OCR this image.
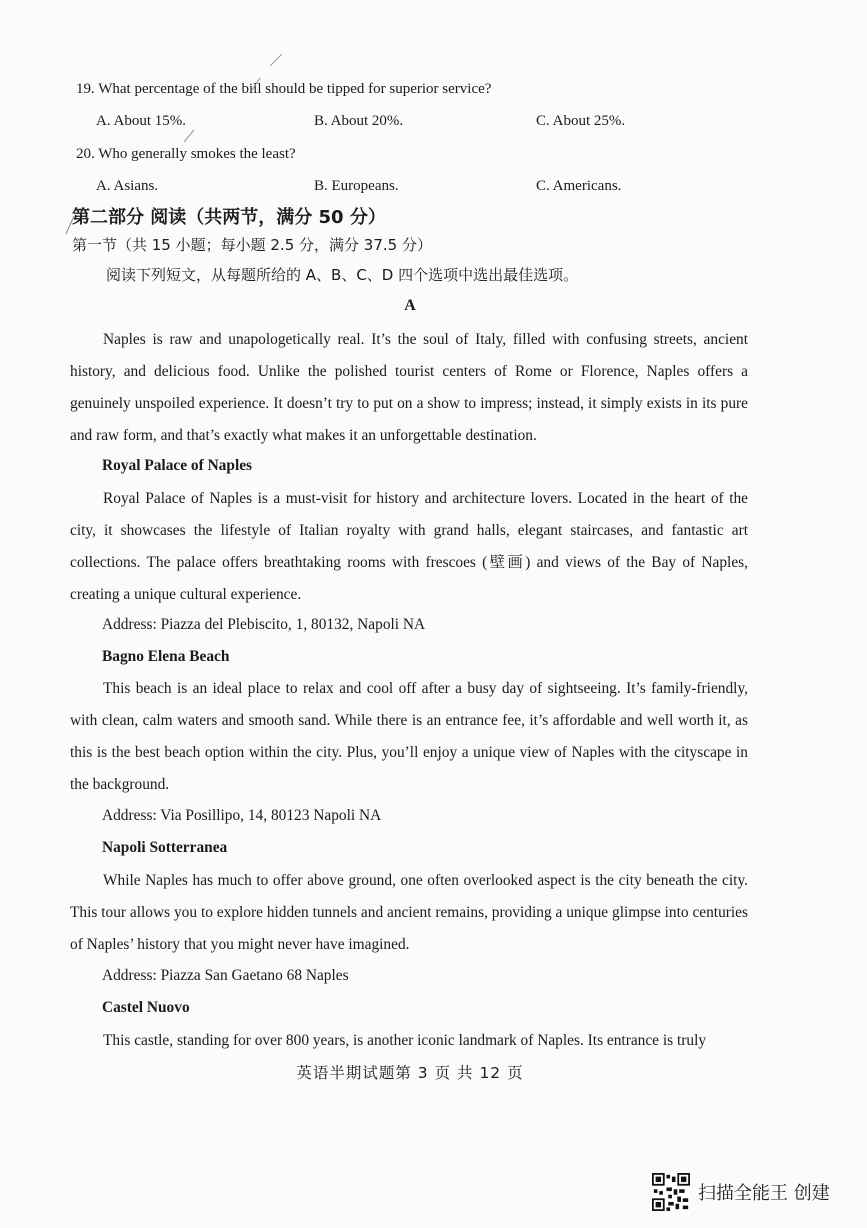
19. What percentage of the bill should be tipped for superior service?
A. About 15%.	B. About 20%.	C. About 25%.
20. Who generally smokes the least?
A. Asians.	B. Europeans.	C. Americans.
第二部分 阅读（共两节，满分 50 分）
第一节（共 15 小题；每小题 2.5 分，满分 37.5 分）
阅读下列短文，从每题所给的 A、B、C、D 四个选项中选出最佳选项。
A

Naples is raw and unapologetically real. It’s the soul of Italy, filled with confusing streets, ancient history, and delicious food. Unlike the polished tourist centers of Rome or Florence, Naples offers a genuinely unspoiled experience. It doesn’t try to put on a show to impress; instead, it simply exists in its pure and raw form, and that’s exactly what makes it an unforgettable destination.

Royal Palace of Naples

Royal Palace of Naples is a must-visit for history and architecture lovers. Located in the heart of the city, it showcases the lifestyle of Italian royalty with grand halls, elegant staircases, and fantastic art collections. The palace offers breathtaking rooms with frescoes (壁画) and views of the Bay of Naples, creating a unique cultural experience.

Address: Piazza del Plebiscito, 1, 80132, Napoli NA
Bagno Elena Beach

This beach is an ideal place to relax and cool off after a busy day of sightseeing. It’s family-friendly, with clean, calm waters and smooth sand. While there is an entrance fee, it’s affordable and well worth it, as this is the best beach option within the city. Plus, you’ll enjoy a unique view of Naples with the cityscape in the background.

Address: Via Posillipo, 14, 80123 Napoli NA
Napoli Sotterranea

While Naples has much to offer above ground, one often overlooked aspect is the city beneath the city. This tour allows you to explore hidden tunnels and ancient remains, providing a unique glimpse into centuries of Naples’ history that you might never have imagined.

Address: Piazza San Gaetano 68 Naples
Castel Nuovo

This castle, standing for over 800 years, is another iconic landmark of Naples. Its entrance is truly

英语半期试题第 3 页 共 12 页
扫描全能王 创建
